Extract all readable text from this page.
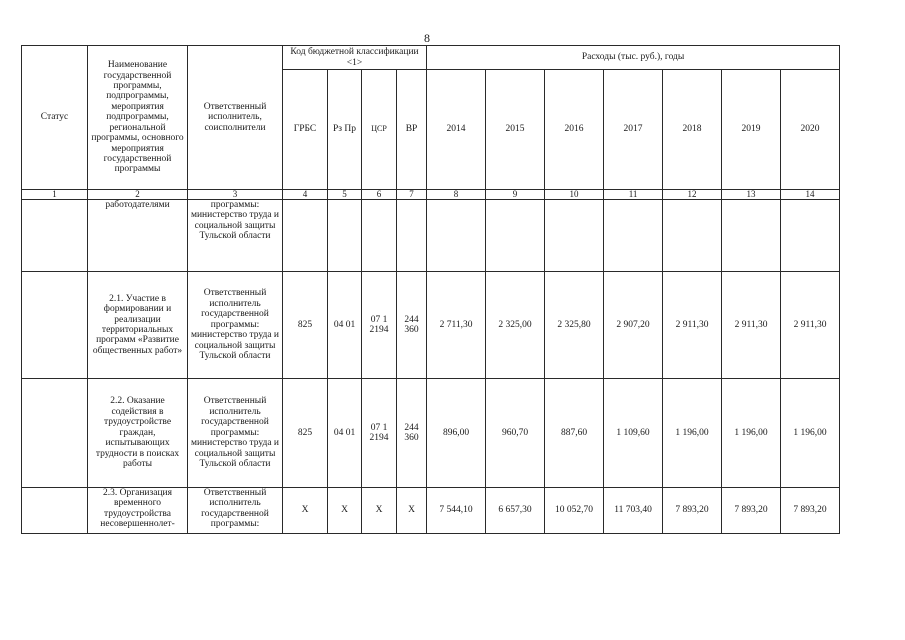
8
Статус	Наименование государственной программы, подпрограммы, мероприятия подпрограммы, региональной программы, основного мероприятия государственной программы	Ответственный исполнитель, соисполнители	Код бюджетной классификации <1>				Расходы (тыс. руб.), годы						
			ГРБС	Рз Пр	ЦСР	ВР	2014	2015	2016	2017	2018	2019	2020
1	2	3	4	5	6	7	8	9	10	11	12	13	14
	работодателями	программы: министерство труда и социальной защиты Тульской области											
	2.1. Участие в формировании и реализации территориальных программ «Развитие общественных работ»	Ответственный исполнитель государственной программы: министерство труда и социальной защиты Тульской области	825	04 01	07 1 2194	244 360	2 711,30	2 325,00	2 325,80	2 907,20	2 911,30	2 911,30	2 911,30
	2.2. Оказание содействия в трудоустройстве граждан, испытывающих трудности в поисках работы	Ответственный исполнитель государственной программы: министерство труда и социальной защиты Тульской области	825	04 01	07 1 2194	244 360	896,00	960,70	887,60	1 109,60	1 196,00	1 196,00	1 196,00
	2.3. Организация временного трудоустройства несовершеннолет-	Ответственный исполнитель государственной программы:	X	X	X	X	7 544,10	6 657,30	10 052,70	11 703,40	7 893,20	7 893,20	7 893,20
